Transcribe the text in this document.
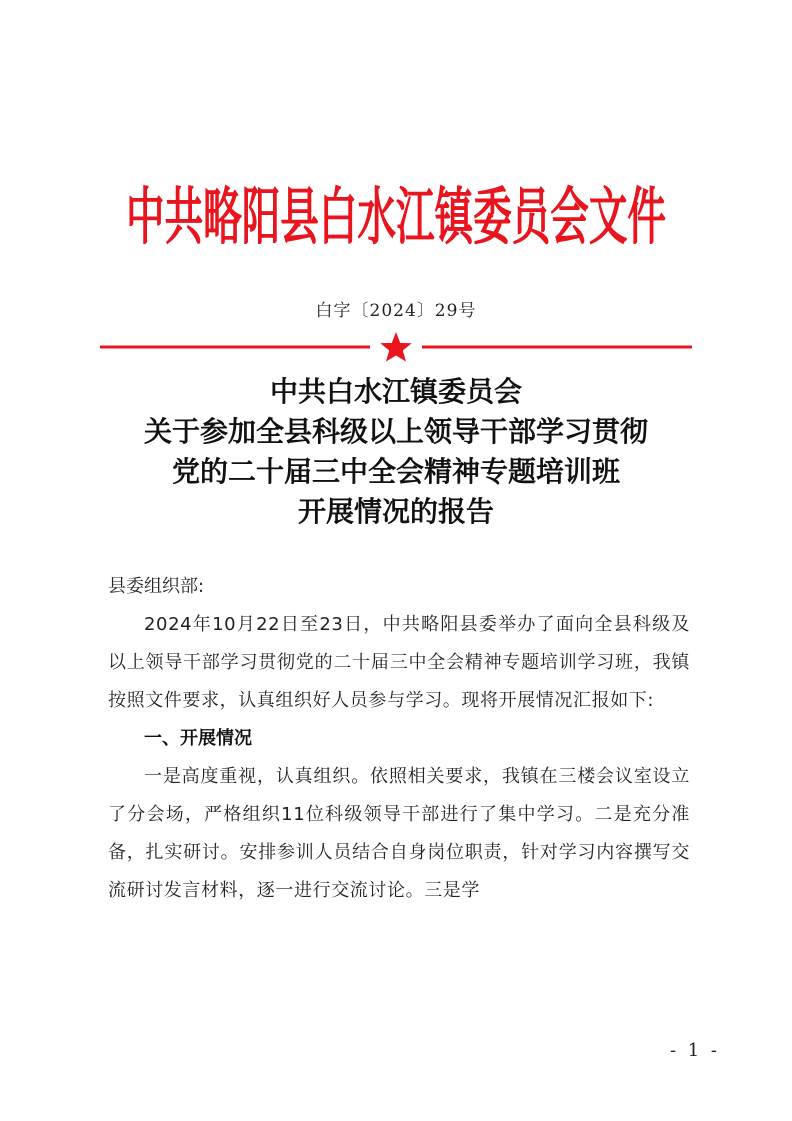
中共略阳县白水江镇委员会文件
白字〔2024〕29号
中共白水江镇委员会
关于参加全县科级以上领导干部学习贯彻
党的二十届三中全会精神专题培训班
开展情况的报告
县委组织部:
2024年10月22日至23日，中共略阳县委举办了面向全县科级及以上领导干部学习贯彻党的二十届三中全会精神专题培训学习班，我镇按照文件要求，认真组织好人员参与学习。现将开展情况汇报如下:
一、开展情况
一是高度重视，认真组织。依照相关要求，我镇在三楼会议室设立了分会场，严格组织11位科级领导干部进行了集中学习。二是充分准备，扎实研讨。安排参训人员结合自身岗位职责，针对学习内容撰写交流研讨发言材料，逐一进行交流讨论。三是学
- 1 -
